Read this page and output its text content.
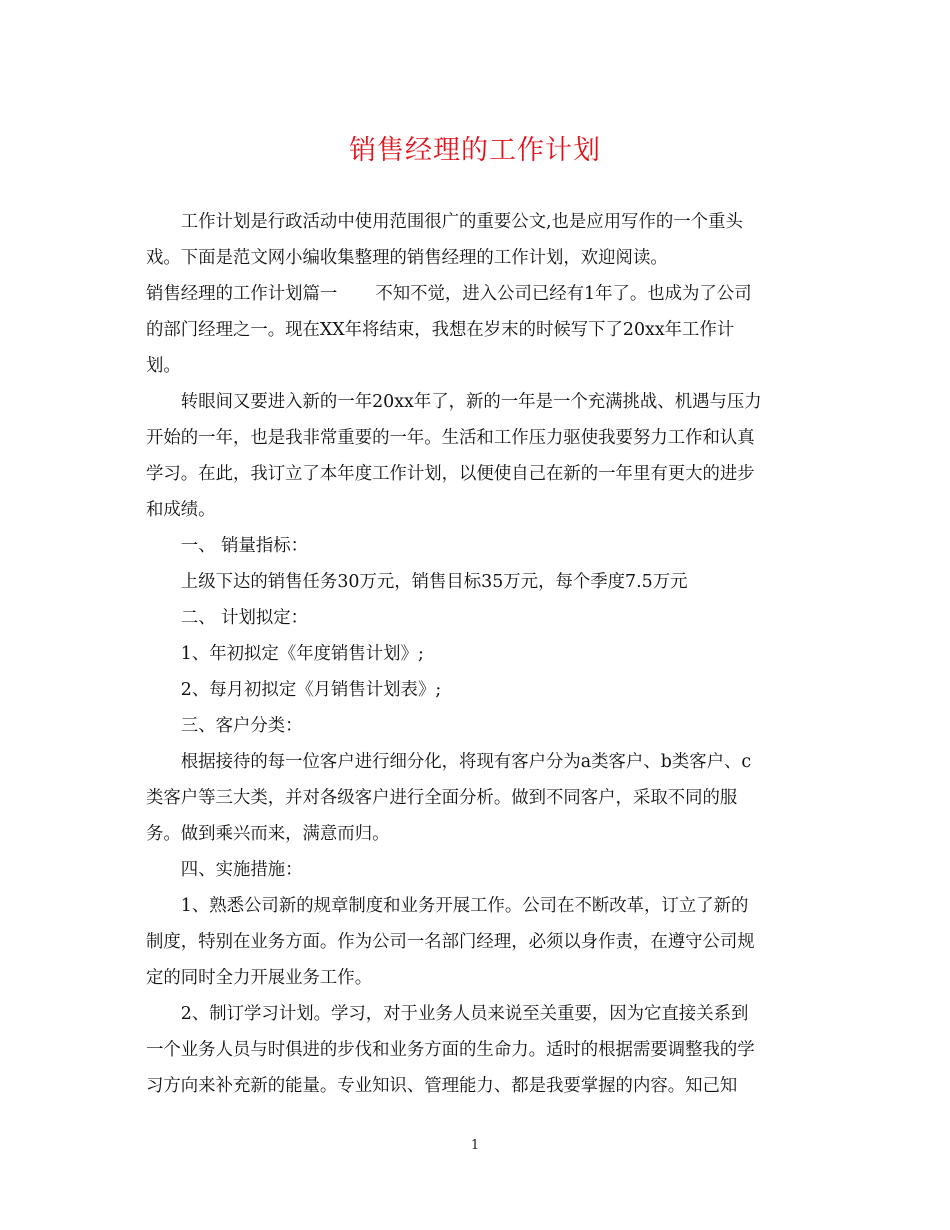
销售经理的工作计划
工作计划是行政活动中使用范围很广的重要公文,也是应用写作的一个重头
戏。下面是范文网小编收集整理的销售经理的工作计划，欢迎阅读。
销售经理的工作计划篇一 不知不觉，进入公司已经有1年了。也成为了公司
的部门经理之一。现在XX年将结束，我想在岁末的时候写下了20xx年工作计
划。
转眼间又要进入新的一年20xx年了，新的一年是一个充满挑战、机遇与压力
开始的一年，也是我非常重要的一年。生活和工作压力驱使我要努力工作和认真
学习。在此，我订立了本年度工作计划，以便使自己在新的一年里有更大的进步
和成绩。
一、 销量指标：
上级下达的销售任务30万元，销售目标35万元，每个季度7.5万元
二、 计划拟定：
1、年初拟定《年度销售计划》;
2、每月初拟定《月销售计划表》;
三、客户分类：
根据接待的每一位客户进行细分化，将现有客户分为a类客户、b类客户、c
类客户等三大类，并对各级客户进行全面分析。做到不同客户，采取不同的服
务。做到乘兴而来，满意而归。
四、实施措施：
1、熟悉公司新的规章制度和业务开展工作。公司在不断改革，订立了新的
制度，特别在业务方面。作为公司一名部门经理，必须以身作责，在遵守公司规
定的同时全力开展业务工作。
2、制订学习计划。学习，对于业务人员来说至关重要，因为它直接关系到
一个业务人员与时俱进的步伐和业务方面的生命力。适时的根据需要调整我的学
习方向来补充新的能量。专业知识、管理能力、都是我要掌握的内容。知己知
1
